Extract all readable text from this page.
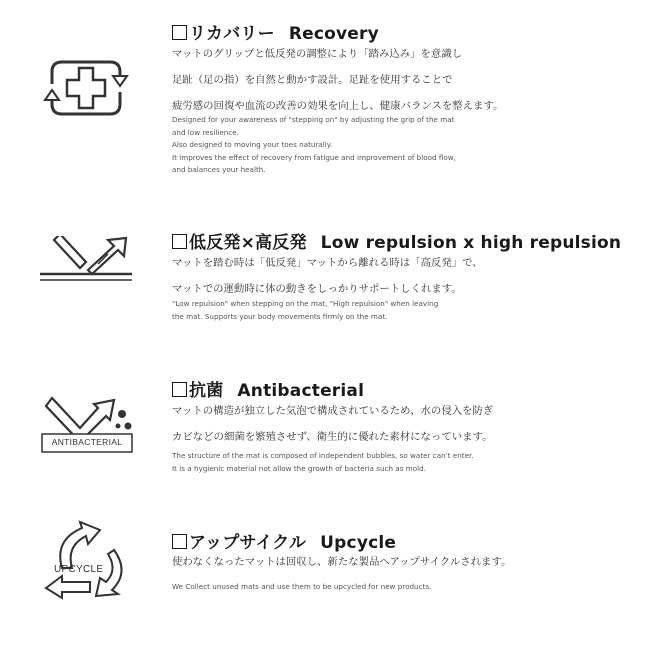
リカバリー Recovery
マットのグリップと低反発の調整により「踏み込み」を意識し
足趾（足の指）を自然と動かす設計。足趾を使用することで
疲労感の回復や血流の改善の効果を向上し、健康バランスを整えます。
Designed for your awareness of "stepping on" by adjusting the grip of the mat
and low resilience.
Also designed to moving your toes naturally.
It improves the effect of recovery from fatigue and improvement of blood flow,
and balances your health.
低反発×高反発 Low repulsion x high repulsion
マットを踏む時は「低反発」マットから離れる時は「高反発」で、
マットでの運動時に体の動きをしっかりサポートしくれます。
"Low repulsion" when stepping on the mat, "High repulsion" when leaving
the mat. Supports your body movements firmly on the mat.
ANTIBACTERIAL
抗菌 Antibacterial
マットの構造が独立した気泡で構成されているため、水の侵入を防ぎ
カビなどの細菌を繁殖させず、衛生的に優れた素材になっています。
The structure of the mat is composed of independent bubbles, so water can't enter.
It is a hygienic material not allow the growth of bacteria such as mold.
UPCYCLE
アップサイクル Upcycle
使わなくなったマットは回収し、新たな製品へアップサイクルされます。
We Collect unused mats and use them to be upcycled for new products.
